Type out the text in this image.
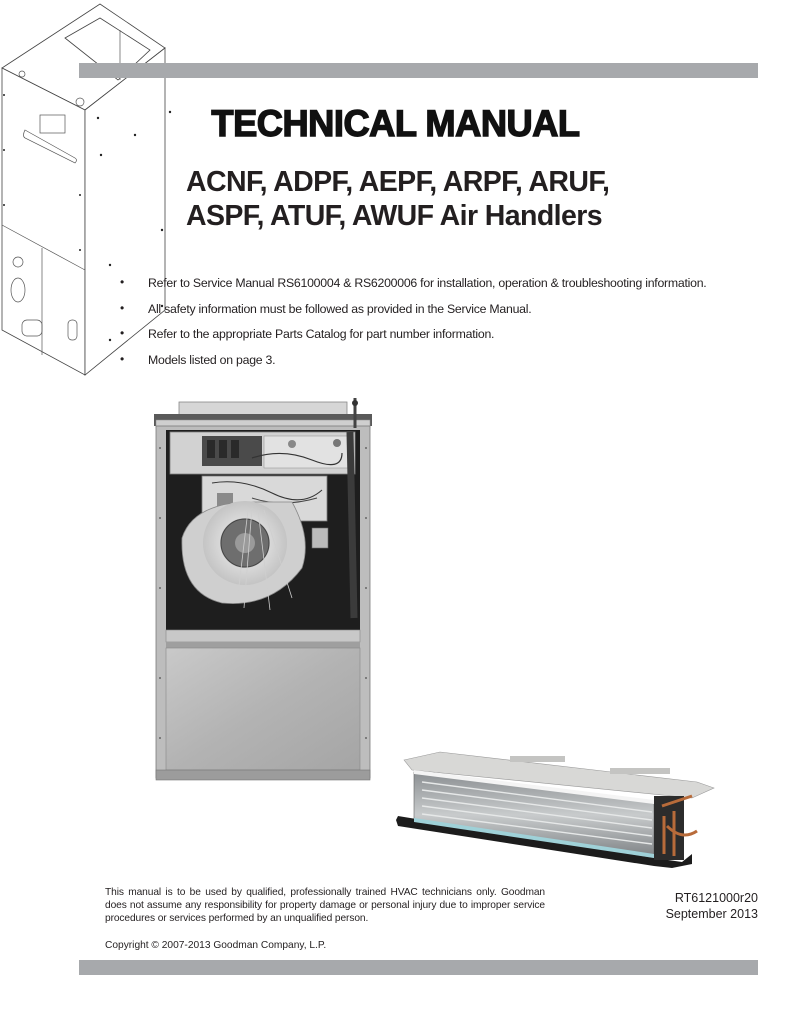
TECHNICAL MANUAL
ACNF, ADPF, AEPF, ARPF, ARUF,
ASPF, ATUF, AWUF Air Handlers
• Refer to Service Manual RS6100004 & RS6200006 for installation, operation & troubleshooting information.
• All safety information must be followed as provided in the Service Manual.
• Refer to the appropriate Parts Catalog for part number information.
• Models listed on page 3.
This manual is to be used by qualified, professionally trained HVAC technicians only. Goodman does not assume any responsibility for property damage or personal injury due to improper service procedures or services performed by an unqualified person.
RT6121000r20
September 2013
Copyright © 2007-2013 Goodman Company, L.P.
